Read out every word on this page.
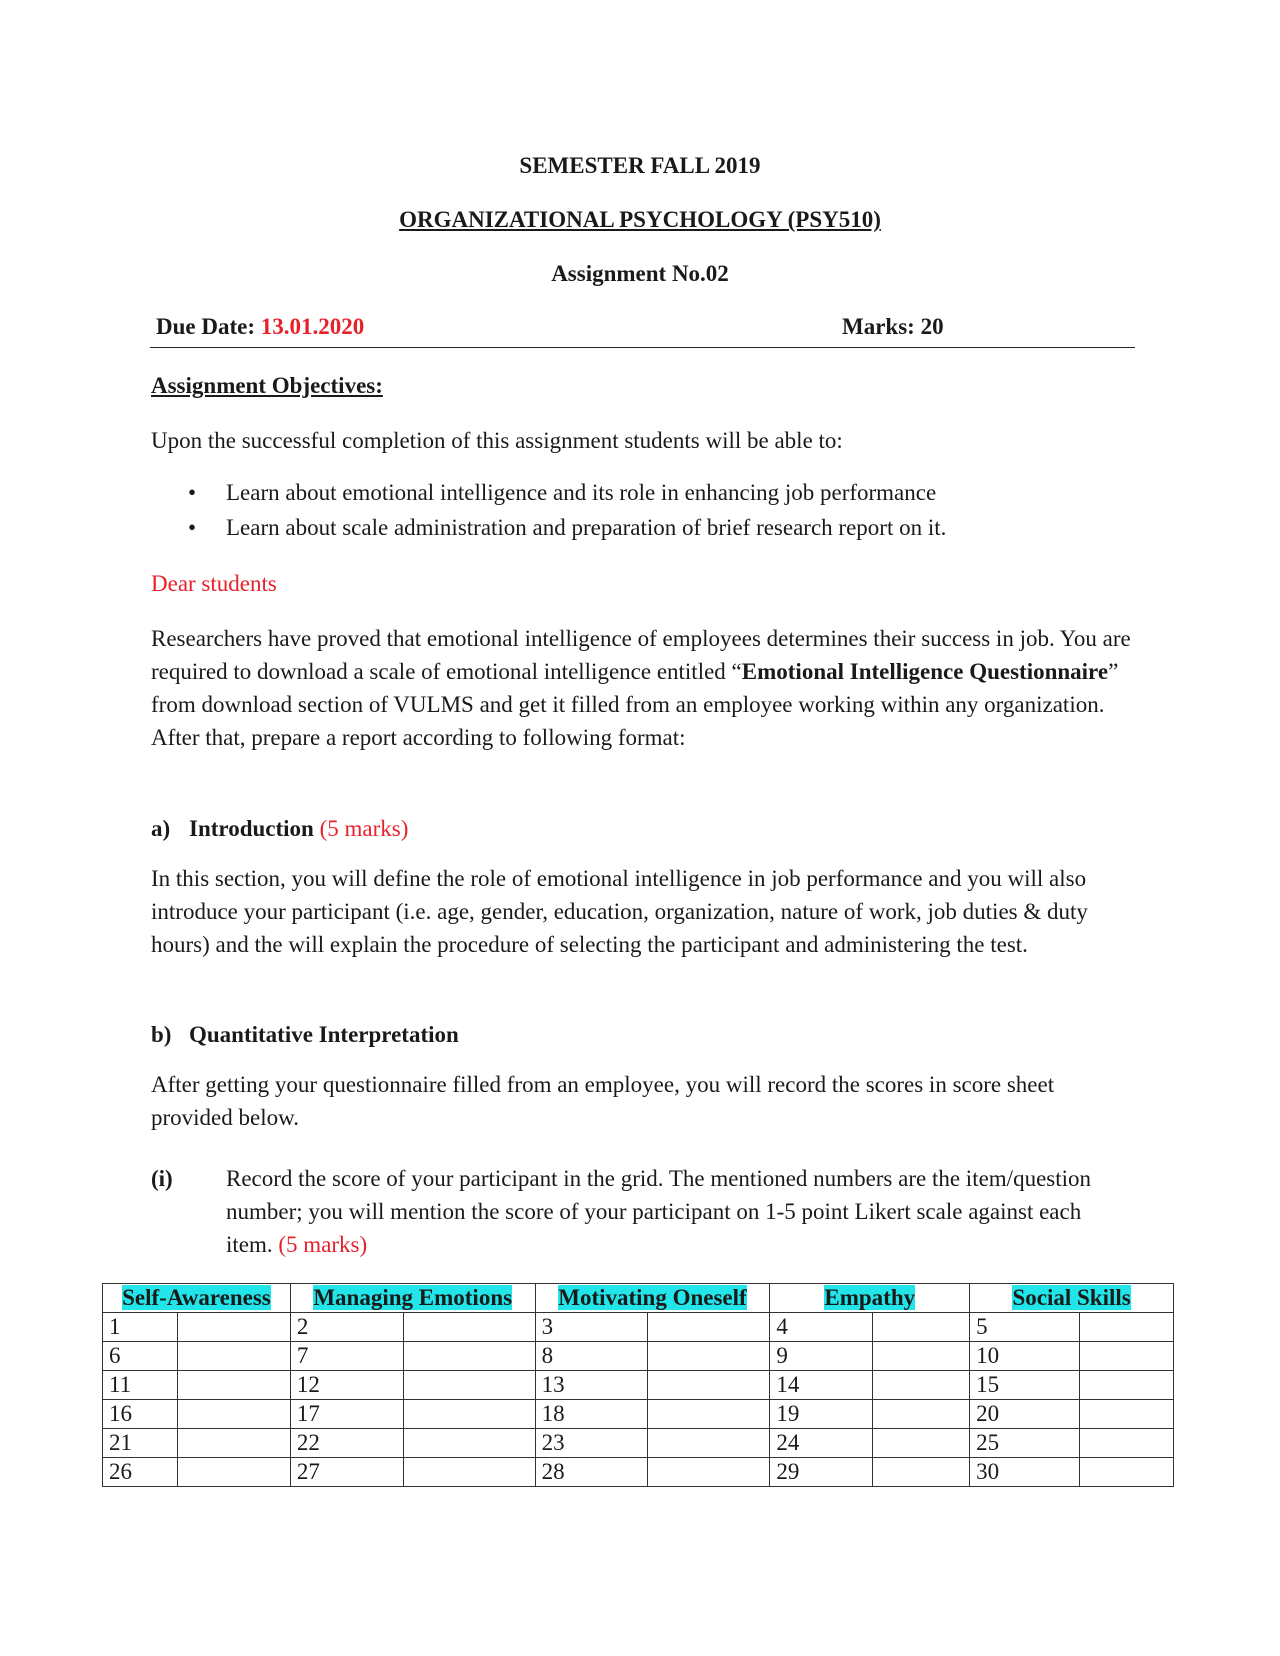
SEMESTER FALL 2019
ORGANIZATIONAL PSYCHOLOGY (PSY510)
Assignment No.02
Due Date: 13.01.2020	Marks: 20
Assignment Objectives:
Upon the successful completion of this assignment students will be able to:
• Learn about emotional intelligence and its role in enhancing job performance
• Learn about scale administration and preparation of brief research report on it.
Dear students
Researchers have proved that emotional intelligence of employees determines their success in job. You are required to download a scale of emotional intelligence entitled “Emotional Intelligence Questionnaire” from download section of VULMS and get it filled from an employee working within any organization. After that, prepare a report according to following format:
a) Introduction (5 marks)
In this section, you will define the role of emotional intelligence in job performance and you will also introduce your participant (i.e. age, gender, education, organization, nature of work, job duties & duty hours) and the will explain the procedure of selecting the participant and administering the test.
b) Quantitative Interpretation
After getting your questionnaire filled from an employee, you will record the scores in score sheet provided below.
(i) Record the score of your participant in the grid. The mentioned numbers are the item/question number; you will mention the score of your participant on 1-5 point Likert scale against each item. (5 marks)
Self-Awareness		Managing Emotions		Motivating Oneself		Empathy		Social Skills	
1		2		3		4		5	
6		7		8		9		10	
11		12		13		14		15	
16		17		18		19		20	
21		22		23		24		25	
26		27		28		29		30	
